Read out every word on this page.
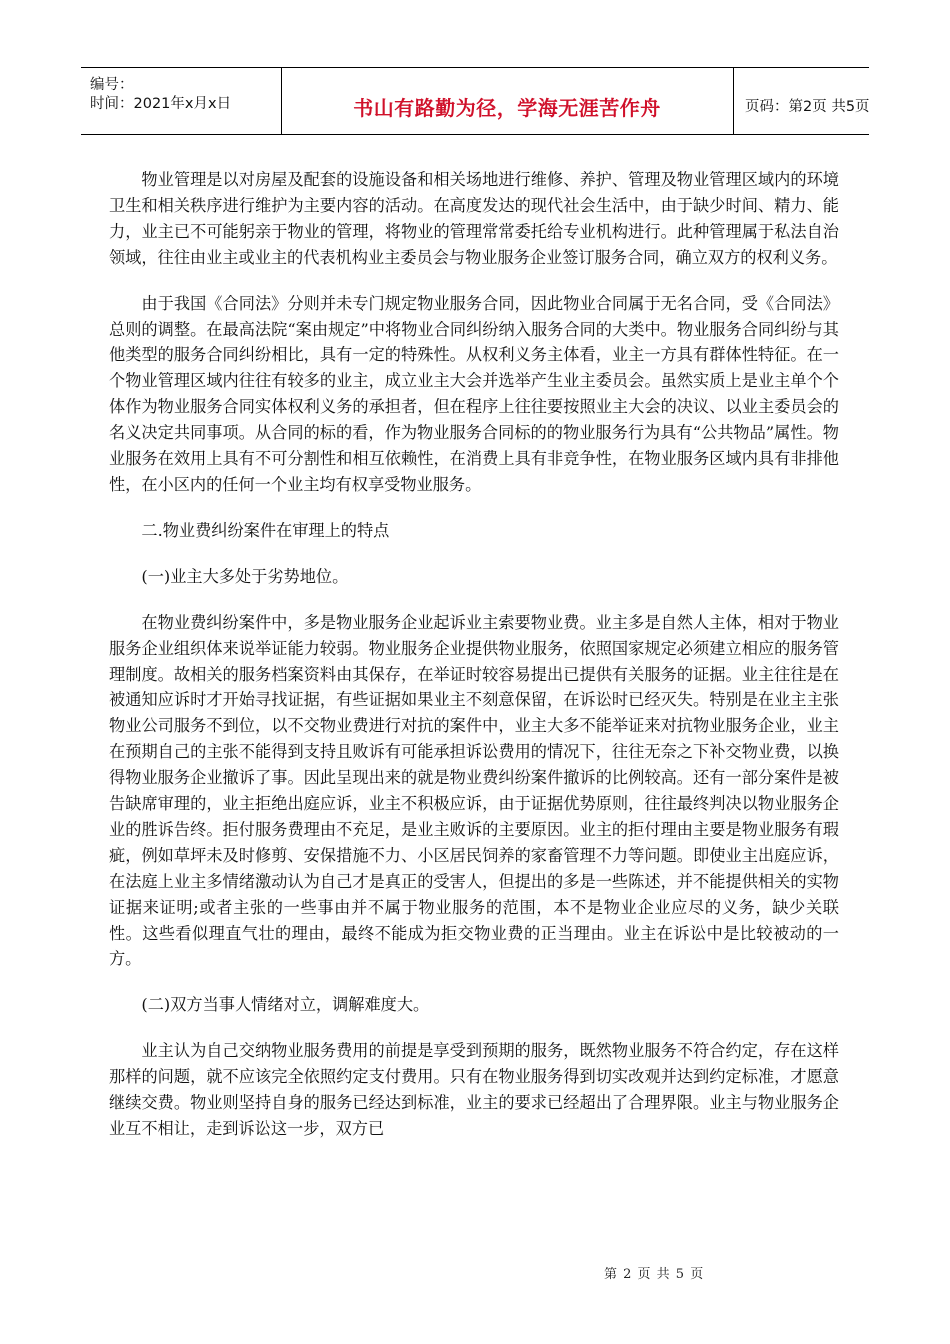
编号：
时间：2021年x月x日	书山有路勤为径，学海无涯苦作舟	页码：第2页 共5页

物业管理是以对房屋及配套的设施设备和相关场地进行维修、养护、管理及物业管理区域内的环境卫生和相关秩序进行维护为主要内容的活动。在高度发达的现代社会生活中，由于缺少时间、精力、能力，业主已不可能躬亲于物业的管理，将物业的管理常常委托给专业机构进行。此种管理属于私法自治领域，往往由业主或业主的代表机构业主委员会与物业服务企业签订服务合同，确立双方的权利义务。

由于我国《合同法》分则并未专门规定物业服务合同，因此物业合同属于无名合同，受《合同法》总则的调整。在最高法院“案由规定”中将物业合同纠纷纳入服务合同的大类中。物业服务合同纠纷与其他类型的服务合同纠纷相比，具有一定的特殊性。从权利义务主体看，业主一方具有群体性特征。在一个物业管理区域内往往有较多的业主，成立业主大会并选举产生业主委员会。虽然实质上是业主单个个体作为物业服务合同实体权利义务的承担者，但在程序上往往要按照业主大会的决议、以业主委员会的名义决定共同事项。从合同的标的看，作为物业服务合同标的的物业服务行为具有“公共物品”属性。物业服务在效用上具有不可分割性和相互依赖性，在消费上具有非竞争性，在物业服务区域内具有非排他性，在小区内的任何一个业主均有权享受物业服务。

二.物业费纠纷案件在审理上的特点

(一)业主大多处于劣势地位。

在物业费纠纷案件中，多是物业服务企业起诉业主索要物业费。业主多是自然人主体，相对于物业服务企业组织体来说举证能力较弱。物业服务企业提供物业服务，依照国家规定必须建立相应的服务管理制度。故相关的服务档案资料由其保存，在举证时较容易提出已提供有关服务的证据。业主往往是在被通知应诉时才开始寻找证据，有些证据如果业主不刻意保留，在诉讼时已经灭失。特别是在业主主张物业公司服务不到位，以不交物业费进行对抗的案件中，业主大多不能举证来对抗物业服务企业，业主在预期自己的主张不能得到支持且败诉有可能承担诉讼费用的情况下，往往无奈之下补交物业费，以换得物业服务企业撤诉了事。因此呈现出来的就是物业费纠纷案件撤诉的比例较高。还有一部分案件是被告缺席审理的，业主拒绝出庭应诉，业主不积极应诉，由于证据优势原则，往往最终判决以物业服务企业的胜诉告终。拒付服务费理由不充足，是业主败诉的主要原因。业主的拒付理由主要是物业服务有瑕疵，例如草坪未及时修剪、安保措施不力、小区居民饲养的家畜管理不力等问题。即使业主出庭应诉，在法庭上业主多情绪激动认为自己才是真正的受害人，但提出的多是一些陈述，并不能提供相关的实物证据来证明;或者主张的一些事由并不属于物业服务的范围，本不是物业企业应尽的义务，缺少关联性。这些看似理直气壮的理由，最终不能成为拒交物业费的正当理由。业主在诉讼中是比较被动的一方。

(二)双方当事人情绪对立，调解难度大。

业主认为自己交纳物业服务费用的前提是享受到预期的服务，既然物业服务不符合约定，存在这样那样的问题，就不应该完全依照约定支付费用。只有在物业服务得到切实改观并达到约定标准，才愿意继续交费。物业则坚持自身的服务已经达到标准，业主的要求已经超出了合理界限。业主与物业服务企业互不相让，走到诉讼这一步，双方已

第 2 页 共 5 页
